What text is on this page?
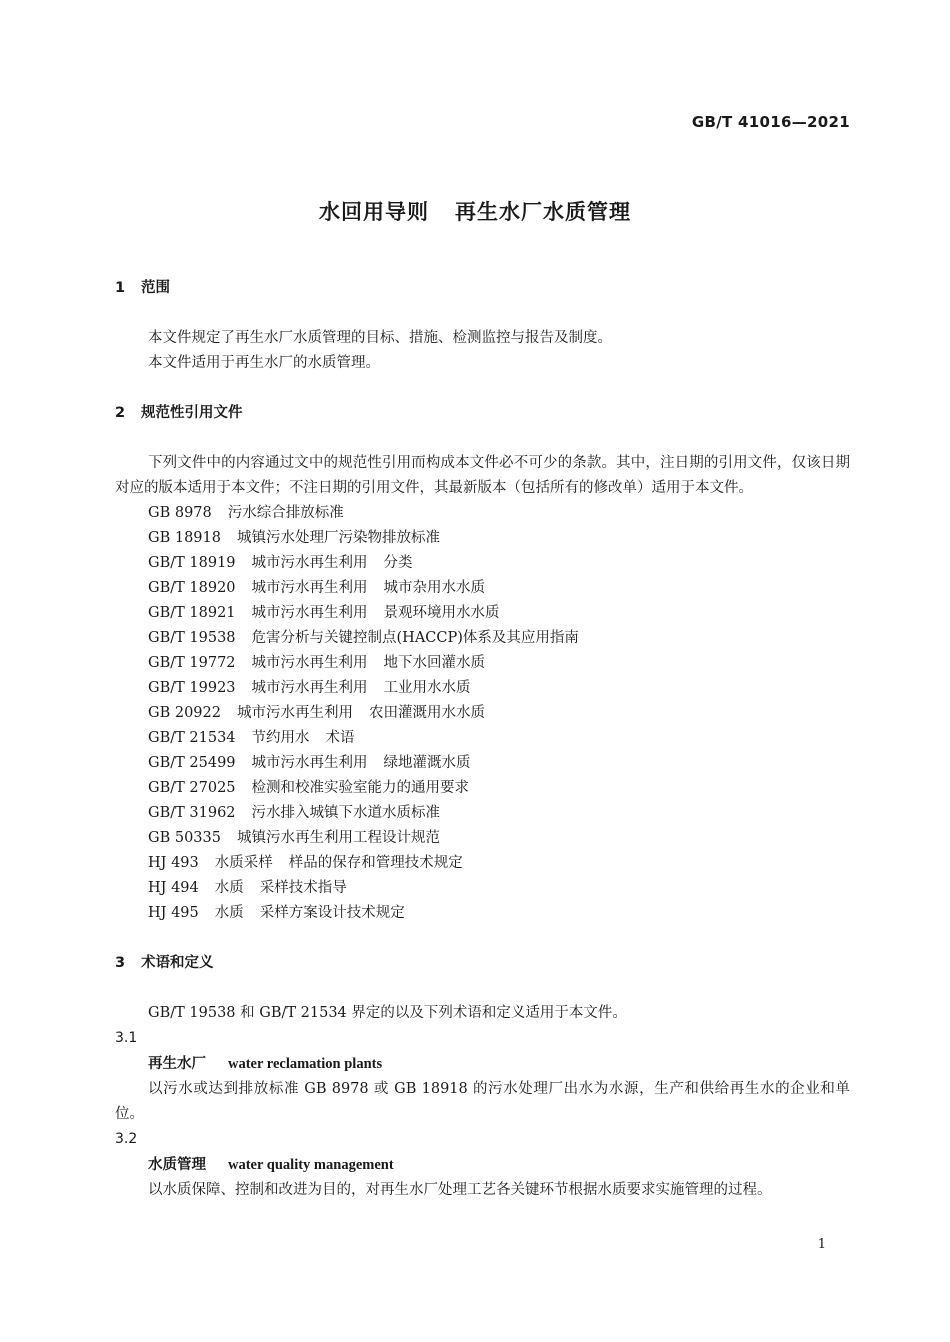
GB/T 41016—2021
水回用导则 再生水厂水质管理
1 范围

本文件规定了再生水厂水质管理的目标、措施、检测监控与报告及制度。

本文件适用于再生水厂的水质管理。

2 规范性引用文件

下列文件中的内容通过文中的规范性引用而构成本文件必不可少的条款。其中，注日期的引用文件，仅该日期对应的版本适用于本文件；不注日期的引用文件，其最新版本（包括所有的修改单）适用于本文件。

GB 8978 污水综合排放标准

GB 18918 城镇污水处理厂污染物排放标准

GB/T 18919 城市污水再生利用 分类

GB/T 18920 城市污水再生利用 城市杂用水水质

GB/T 18921 城市污水再生利用 景观环境用水水质

GB/T 19538 危害分析与关键控制点(HACCP)体系及其应用指南

GB/T 19772 城市污水再生利用 地下水回灌水质

GB/T 19923 城市污水再生利用 工业用水水质

GB 20922 城市污水再生利用 农田灌溉用水水质

GB/T 21534 节约用水 术语

GB/T 25499 城市污水再生利用 绿地灌溉水质

GB/T 27025 检测和校准实验室能力的通用要求

GB/T 31962 污水排入城镇下水道水质标准

GB 50335 城镇污水再生利用工程设计规范

HJ 493 水质采样 样品的保存和管理技术规定

HJ 494 水质 采样技术指导

HJ 495 水质 采样方案设计技术规定

3 术语和定义

GB/T 19538 和 GB/T 21534 界定的以及下列术语和定义适用于本文件。

3.1
再生水厂 water reclamation plants

以污水或达到排放标准 GB 8978 或 GB 18918 的污水处理厂出水为水源，生产和供给再生水的企业和单位。

3.2
水质管理 water quality management

以水质保障、控制和改进为目的，对再生水厂处理工艺各关键环节根据水质要求实施管理的过程。

1
